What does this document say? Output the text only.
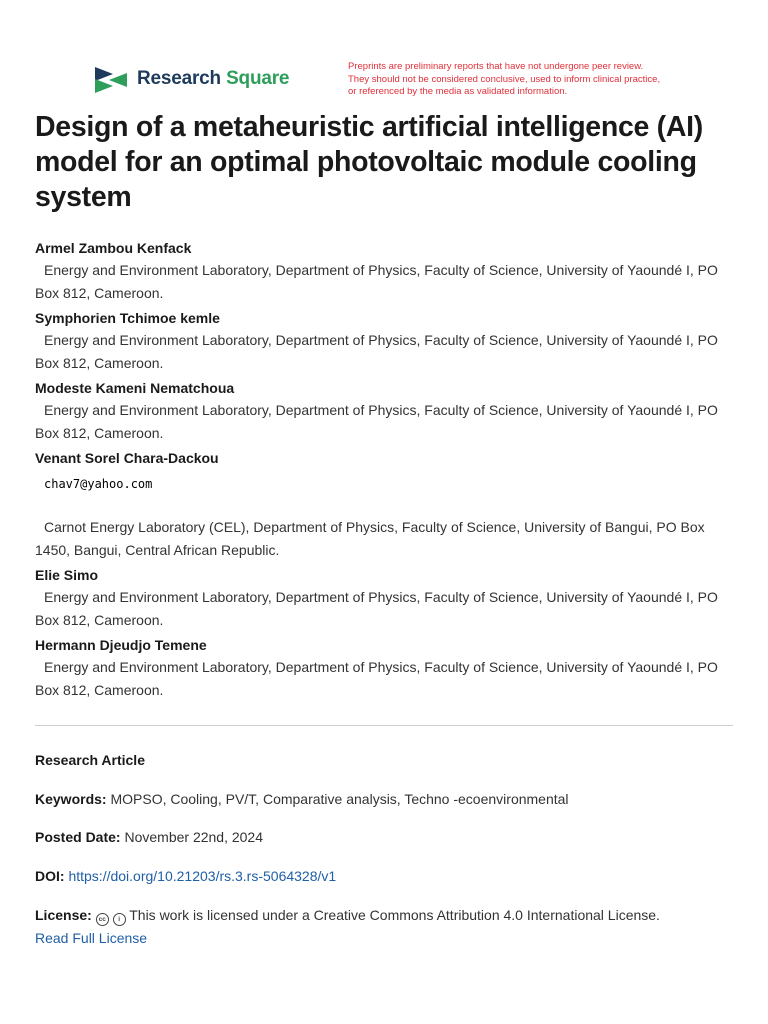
Research Square
Preprints are preliminary reports that have not undergone peer review.
They should not be considered conclusive, used to inform clinical practice,
or referenced by the media as validated information.
Design of a metaheuristic artificial intelligence (AI) model for an optimal photovoltaic module cooling system
Armel Zambou Kenfack
Energy and Environment Laboratory, Department of Physics, Faculty of Science, University of Yaoundé I, PO Box 812, Cameroon.
Symphorien Tchimoe kemle
Energy and Environment Laboratory, Department of Physics, Faculty of Science, University of Yaoundé I, PO Box 812, Cameroon.
Modeste Kameni Nematchoua
Energy and Environment Laboratory, Department of Physics, Faculty of Science, University of Yaoundé I, PO Box 812, Cameroon.
Venant Sorel Chara-Dackou
chav7@yahoo.com
Carnot Energy Laboratory (CEL), Department of Physics, Faculty of Science, University of Bangui, PO Box 1450, Bangui, Central African Republic.
Elie Simo
Energy and Environment Laboratory, Department of Physics, Faculty of Science, University of Yaoundé I, PO Box 812, Cameroon.
Hermann Djeudjo Temene
Energy and Environment Laboratory, Department of Physics, Faculty of Science, University of Yaoundé I, PO Box 812, Cameroon.
Research Article
Keywords: MOPSO, Cooling, PV/T, Comparative analysis, Techno -ecoenvironmental
Posted Date: November 22nd, 2024
DOI: https://doi.org/10.21203/rs.3.rs-5064328/v1
License: cc i This work is licensed under a Creative Commons Attribution 4.0 International License.
Read Full License
